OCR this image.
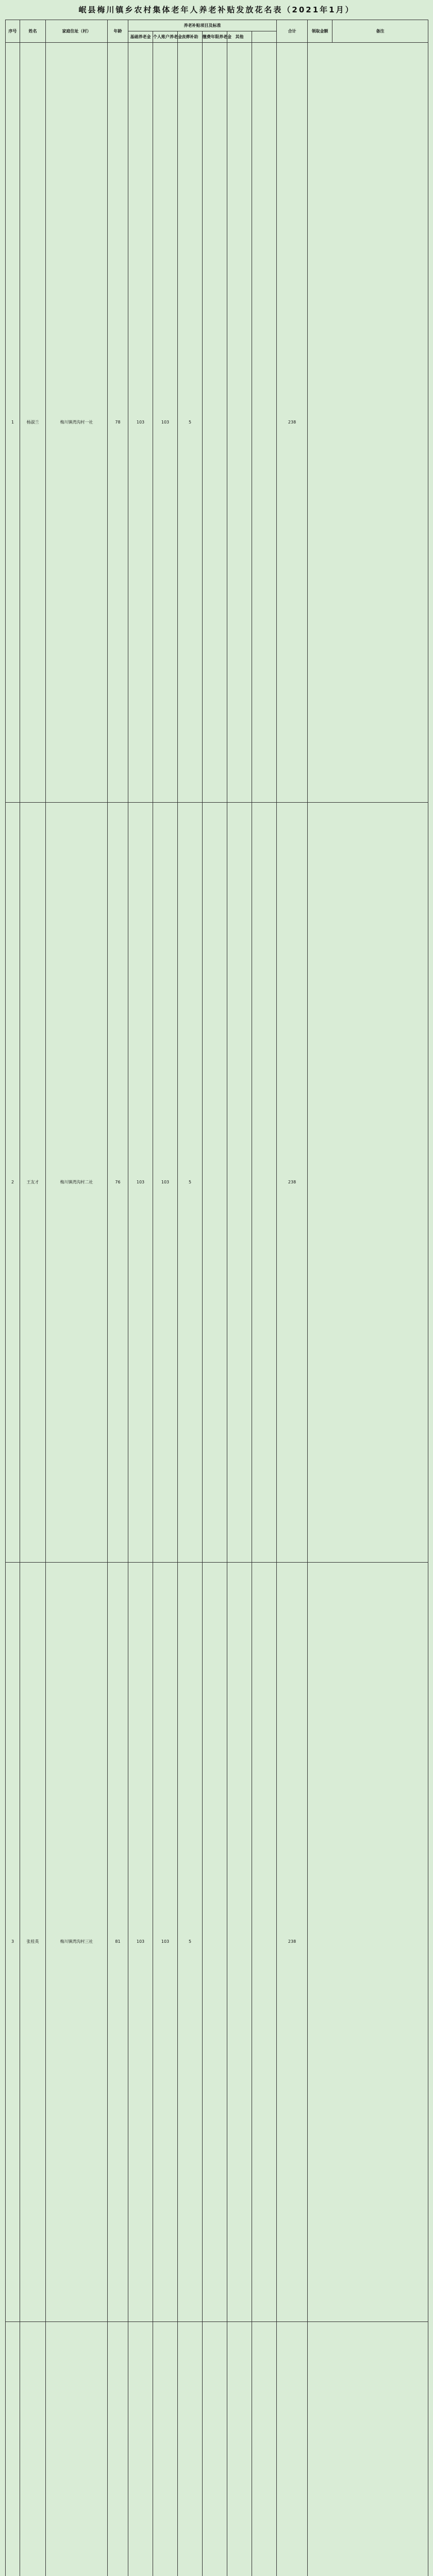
岷县梅川镇乡农村集体老年人养老补贴发放花名表（2021年1月）
序号	姓名	家庭住址（村）	年龄	养老补贴项目及标准						合计	领取金额	备注
				基础养老金	个人账户养老金	丧葬补助	缴费年限养老金	其他				
1	杨淑兰	梅川镇湾沟村一社	78	103	103	5				238		
2	王友才	梅川镇湾沟村二社	76	103	103	5				238		
3	张桂英	梅川镇湾沟村三社	81	103	103	5				238		
